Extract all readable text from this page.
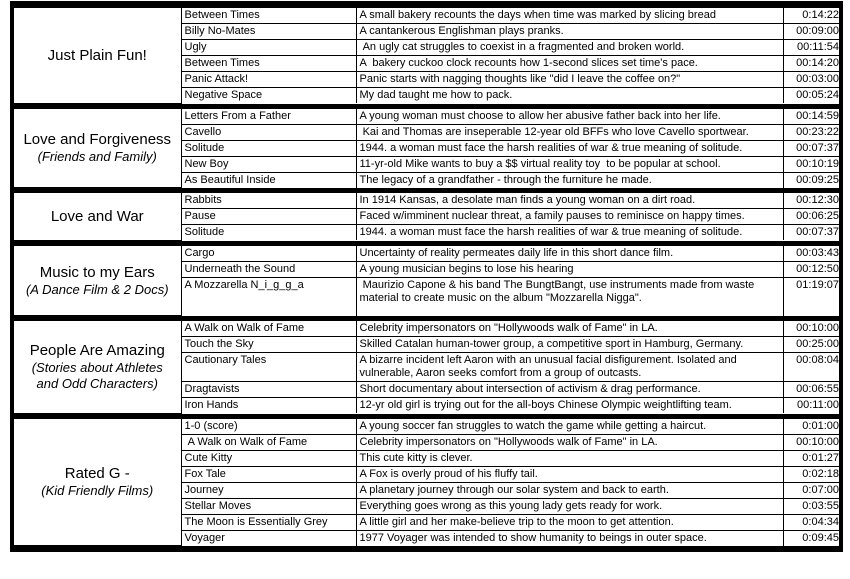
Just Plain Fun!	Between Times	A small bakery recounts the days when time was marked by slicing bread	0:14:22
	Billy No-Mates	A cantankerous Englishman plays pranks.	00:09:00
	Ugly	An ugly cat struggles to coexist in a fragmented and broken world.	00:11:54
	Between Times	A  bakery cuckoo clock recounts how 1-second slices set time's pace.	00:14:20
	Panic Attack!	Panic starts with nagging thoughts like "did I leave the coffee on?"	00:03:00
	Negative Space	My dad taught me how to pack.	00:05:24
Love and Forgiveness
(Friends and Family)	Letters From a Father	A young woman must choose to allow her abusive father back into her life.	00:14:59
	Cavello	Kai and Thomas are inseperable 12-year old BFFs who love Cavello sportwear.	00:23:22
	Solitude	1944. a woman must face the harsh realities of war & true meaning of solitude.	00:07:37
	New Boy	11-yr-old Mike wants to buy a $$ virtual reality toy  to be popular at school.	00:10:19
	As Beautiful Inside	The legacy of a grandfather - through the furniture he made.	00:09:25
Love and War	Rabbits	In 1914 Kansas, a desolate man finds a young woman on a dirt road.	00:12:30
	Pause	Faced w/imminent nuclear threat, a family pauses to reminisce on happy times.	00:06:25
	Solitude	1944. a woman must face the harsh realities of war & true meaning of solitude.	00:07:37
Music to my Ears
(A Dance Film & 2 Docs)	Cargo	Uncertainty of reality permeates daily life in this short dance film.	00:03:43
	Underneath the Sound	A young musician begins to lose his hearing	00:12:50
	A Mozzarella N_i_g_g_a	Maurizio Capone & his band The BungtBangt, use instruments made from waste material to create music on the album "Mozzarella Nigga".	01:19:07
People Are Amazing
(Stories about Athletes and Odd Characters)	A Walk on Walk of Fame	Celebrity impersonators on "Hollywoods walk of Fame" in LA.	00:10:00
	Touch the Sky	Skilled Catalan human-tower group, a competitive sport in Hamburg, Germany.	00:25:00
	Cautionary Tales	A bizarre incident left Aaron with an unusual facial disfigurement. Isolated and vulnerable, Aaron seeks comfort from a group of outcasts.	00:08:04
	Dragtavists	Short documentary about intersection of activism & drag performance.	00:06:55
	Iron Hands	12-yr old girl is trying out for the all-boys Chinese Olympic weightlifting team.	00:11:00
Rated G -
(Kid Friendly Films)	1-0 (score)	A young soccer fan struggles to watch the game while getting a haircut.	0:01:00
	A Walk on Walk of Fame	Celebrity impersonators on "Hollywoods walk of Fame" in LA.	00:10:00
	Cute Kitty	This cute kitty is clever.	0:01:27
	Fox Tale	A Fox is overly proud of his fluffy tail.	0:02:18
	Journey	A planetary journey through our solar system and back to earth.	0:07:00
	Stellar Moves	Everything goes wrong as this young lady gets ready for work.	0:03:55
	The Moon is Essentially Grey	A little girl and her make-believe trip to the moon to get attention.	0:04:34
	Voyager	1977 Voyager was intended to show humanity to beings in outer space.	0:09:45
